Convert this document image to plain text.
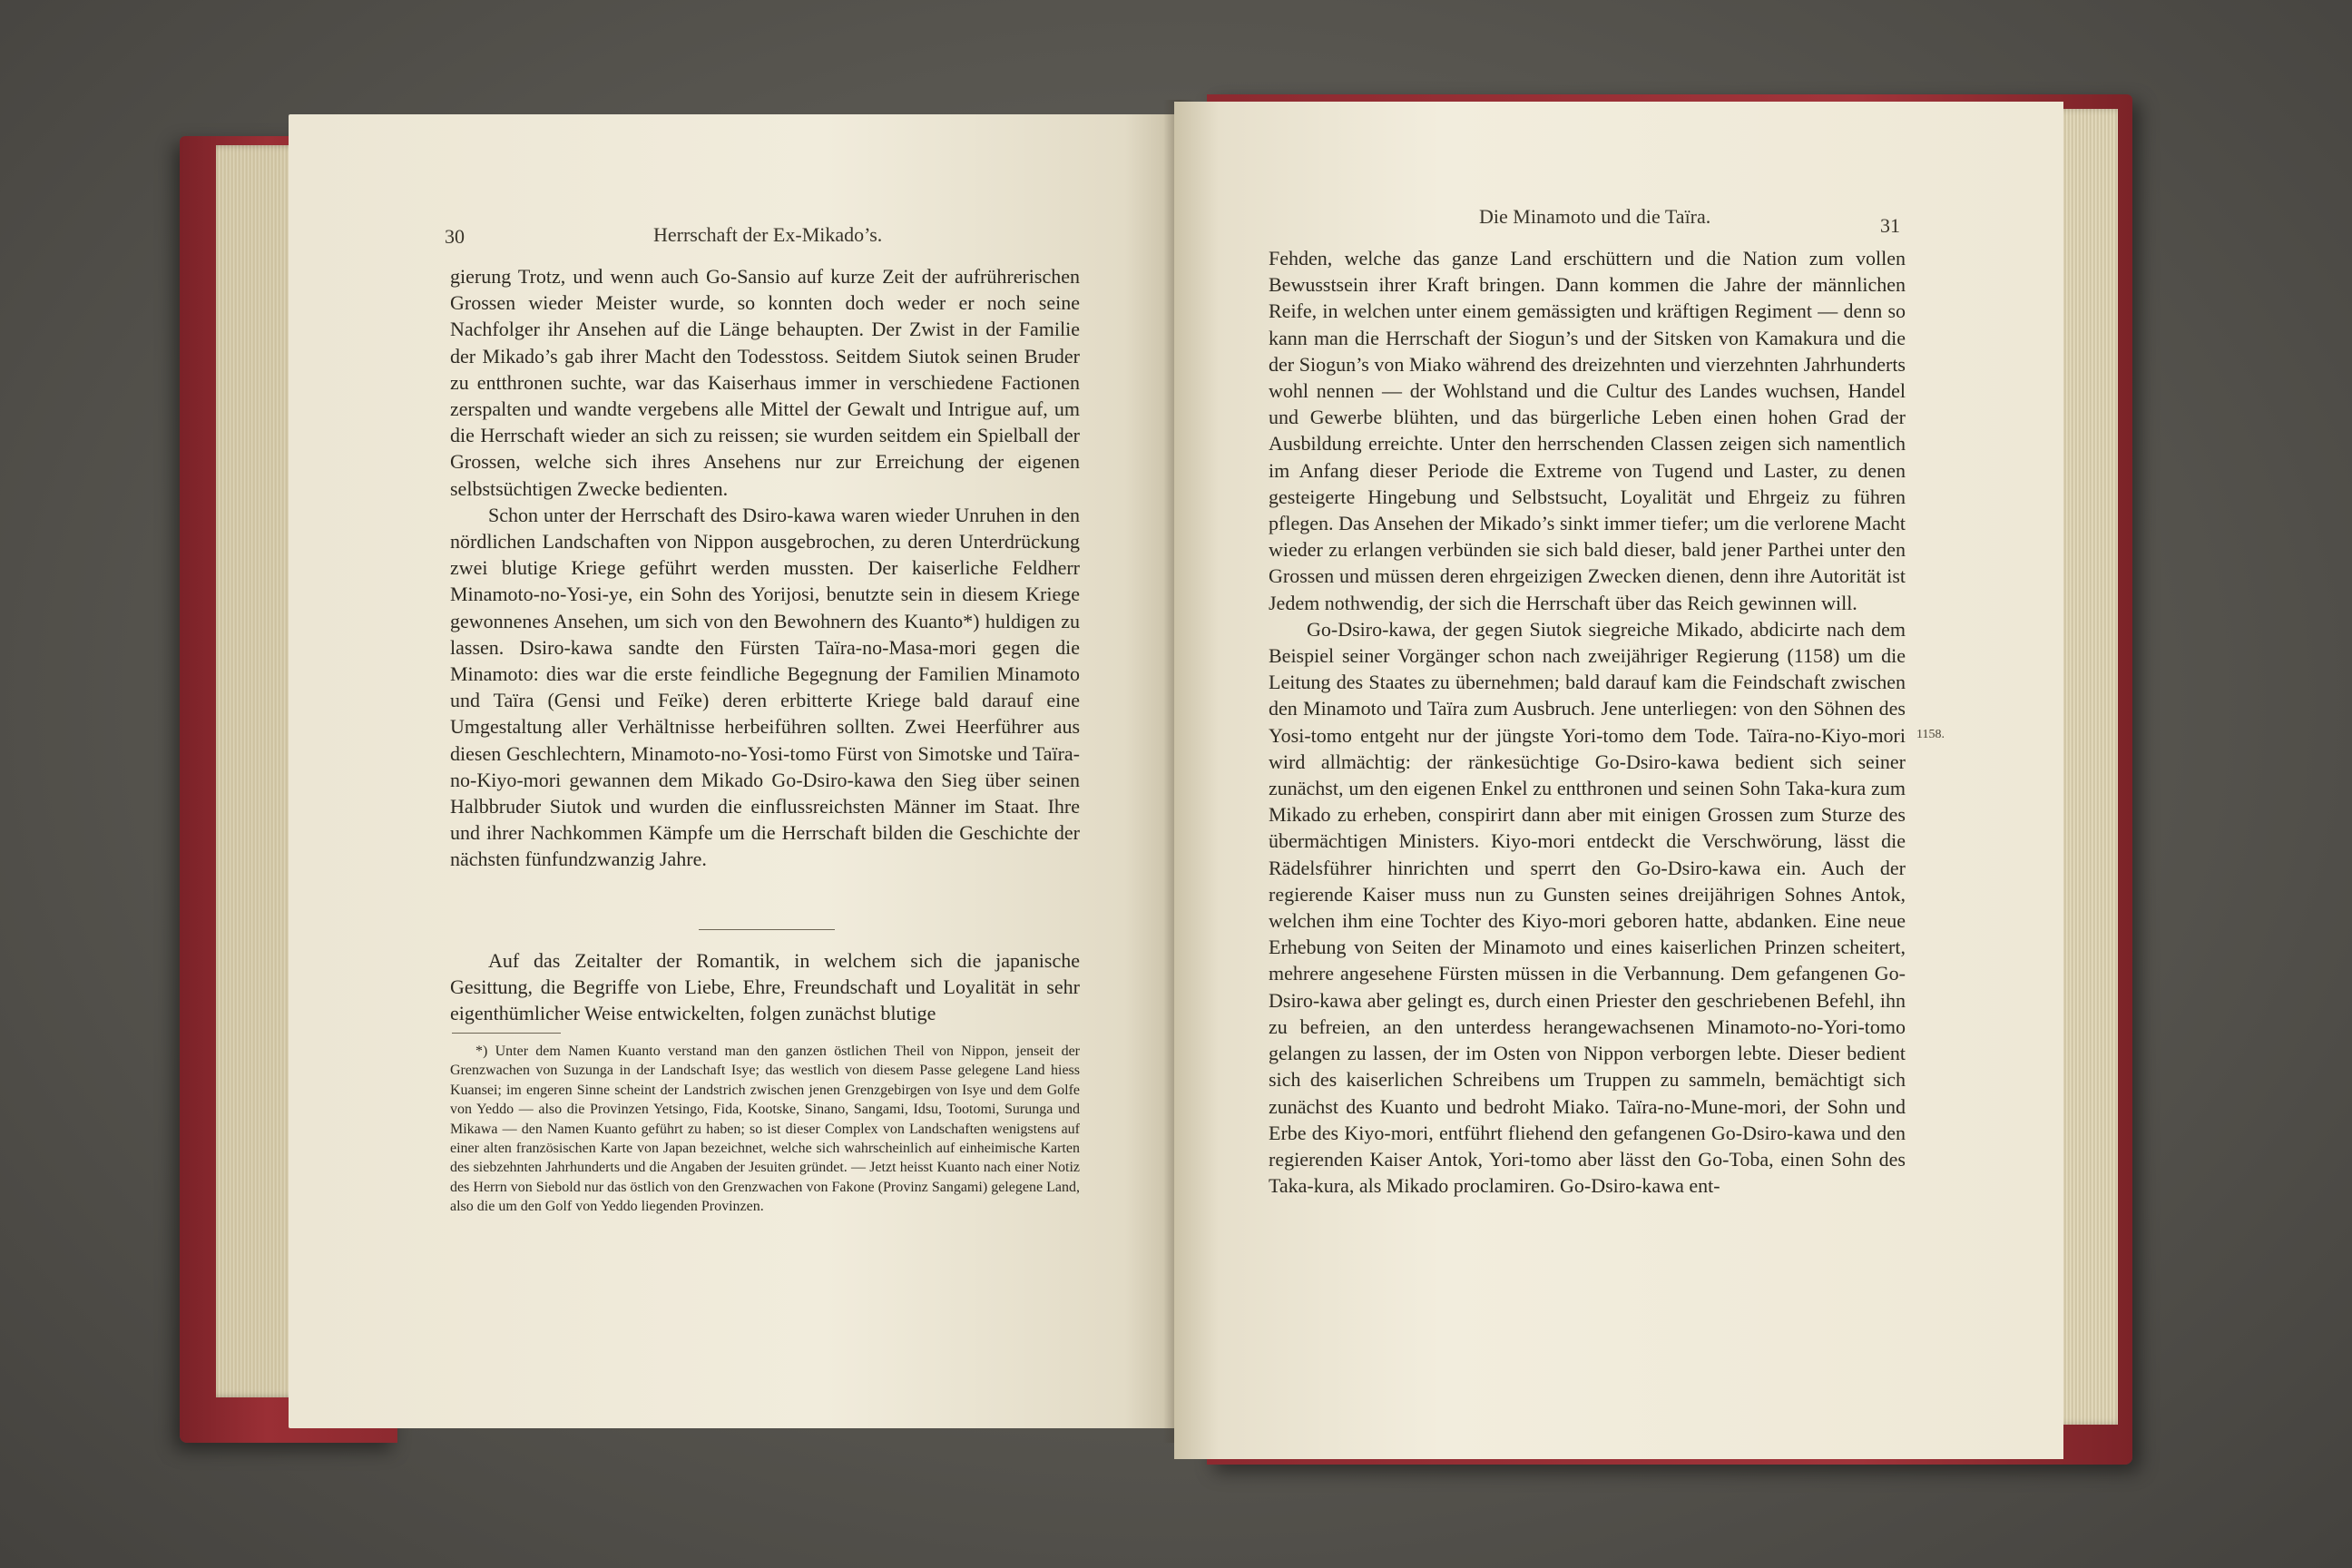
30	Herrschaft der Ex-Mikado’s.

gierung Trotz, und wenn auch Go-Sansio auf kurze Zeit der aufrührerischen Grossen wieder Meister wurde, so konnten doch weder er noch seine Nachfolger ihr Ansehen auf die Länge behaupten. Der Zwist in der Familie der Mikado’s gab ihrer Macht den Todesstoss. Seitdem Siutok seinen Bruder zu entthronen suchte, war das Kaiserhaus immer in verschiedene Factionen zerspalten und wandte vergebens alle Mittel der Gewalt und Intrigue auf, um die Herrschaft wieder an sich zu reissen; sie wurden seitdem ein Spielball der Grossen, welche sich ihres Ansehens nur zur Erreichung der eigenen selbstsüchtigen Zwecke bedienten.

Schon unter der Herrschaft des Dsiro-kawa waren wieder Unruhen in den nördlichen Landschaften von Nippon ausgebrochen, zu deren Unterdrückung zwei blutige Kriege geführt werden mussten. Der kaiserliche Feldherr Minamoto-no-Yosi-ye, ein Sohn des Yorijosi, benutzte sein in diesem Kriege gewonnenes Ansehen, um sich von den Bewohnern des Kuanto*) huldigen zu lassen. Dsiro-kawa sandte den Fürsten Taïra-no-Masa-mori gegen die Minamoto: dies war die erste feindliche Begegnung der Familien Minamoto und Taïra (Gensi und Feïke) deren erbitterte Kriege bald darauf eine Umgestaltung aller Verhältnisse herbeiführen sollten. Zwei Heerführer aus diesen Geschlechtern, Minamoto-no-Yosi-tomo Fürst von Simotske und Taïra-no-Kiyo-mori gewannen dem Mikado Go-Dsiro-kawa den Sieg über seinen Halbbruder Siutok und wurden die einflussreichsten Männer im Staat. Ihre und ihrer Nachkommen Kämpfe um die Herrschaft bilden die Geschichte der nächsten fünfundzwanzig Jahre.

Auf das Zeitalter der Romantik, in welchem sich die japanische Gesittung, die Begriffe von Liebe, Ehre, Freundschaft und Loyalität in sehr eigenthümlicher Weise entwickelten, folgen zunächst blutige

*) Unter dem Namen Kuanto verstand man den ganzen östlichen Theil von Nippon, jenseit der Grenzwachen von Suzunga in der Landschaft Isye; das westlich von diesem Passe gelegene Land hiess Kuansei; im engeren Sinne scheint der Landstrich zwischen jenen Grenzgebirgen von Isye und dem Golfe von Yeddo — also die Provinzen Yetsingo, Fida, Kootske, Sinano, Sangami, Idsu, Tootomi, Surunga und Mikawa — den Namen Kuanto geführt zu haben; so ist dieser Complex von Landschaften wenigstens auf einer alten französischen Karte von Japan bezeichnet, welche sich wahrscheinlich auf einheimische Karten des siebzehnten Jahrhunderts und die Angaben der Jesuiten gründet. — Jetzt heisst Kuanto nach einer Notiz des Herrn von Siebold nur das östlich von den Grenzwachen von Fakone (Provinz Sangami) gelegene Land, also die um den Golf von Yeddo liegenden Provinzen.

Die Minamoto und die Taïra.	31
1158.

Fehden, welche das ganze Land erschüttern und die Nation zum vollen Bewusstsein ihrer Kraft bringen. Dann kommen die Jahre der männlichen Reife, in welchen unter einem gemässigten und kräftigen Regiment — denn so kann man die Herrschaft der Siogun’s und der Sitsken von Kamakura und die der Siogun’s von Miako während des dreizehnten und vierzehnten Jahrhunderts wohl nennen — der Wohlstand und die Cultur des Landes wuchsen, Handel und Gewerbe blühten, und das bürgerliche Leben einen hohen Grad der Ausbildung erreichte. Unter den herrschenden Classen zeigen sich namentlich im Anfang dieser Periode die Extreme von Tugend und Laster, zu denen gesteigerte Hingebung und Selbstsucht, Loyalität und Ehrgeiz zu führen pflegen. Das Ansehen der Mikado’s sinkt immer tiefer; um die verlorene Macht wieder zu erlangen verbünden sie sich bald dieser, bald jener Parthei unter den Grossen und müssen deren ehrgeizigen Zwecken dienen, denn ihre Autorität ist Jedem nothwendig, der sich die Herrschaft über das Reich gewinnen will.

Go-Dsiro-kawa, der gegen Siutok siegreiche Mikado, abdicirte nach dem Beispiel seiner Vorgänger schon nach zweijähriger Regierung (1158) um die Leitung des Staates zu übernehmen; bald darauf kam die Feindschaft zwischen den Minamoto und Taïra zum Ausbruch. Jene unterliegen: von den Söhnen des Yosi-tomo entgeht nur der jüngste Yori-tomo dem Tode. Taïra-no-Kiyo-mori wird allmächtig: der ränkesüchtige Go-Dsiro-kawa bedient sich seiner zunächst, um den eigenen Enkel zu entthronen und seinen Sohn Taka-kura zum Mikado zu erheben, conspirirt dann aber mit einigen Grossen zum Sturze des übermächtigen Ministers. Kiyo-mori entdeckt die Verschwörung, lässt die Rädelsführer hinrichten und sperrt den Go-Dsiro-kawa ein. Auch der regierende Kaiser muss nun zu Gunsten seines dreijährigen Sohnes Antok, welchen ihm eine Tochter des Kiyo-mori geboren hatte, abdanken. Eine neue Erhebung von Seiten der Minamoto und eines kaiserlichen Prinzen scheitert, mehrere angesehene Fürsten müssen in die Verbannung. Dem gefangenen Go-Dsiro-kawa aber gelingt es, durch einen Priester den geschriebenen Befehl, ihn zu befreien, an den unterdess herangewachsenen Minamoto-no-Yori-tomo gelangen zu lassen, der im Osten von Nippon verborgen lebte. Dieser bedient sich des kaiserlichen Schreibens um Truppen zu sammeln, bemächtigt sich zunächst des Kuanto und bedroht Miako. Taïra-no-Mune-mori, der Sohn und Erbe des Kiyo-mori, entführt fliehend den gefangenen Go-Dsiro-kawa und den regierenden Kaiser Antok, Yori-tomo aber lässt den Go-Toba, einen Sohn des Taka-kura, als Mikado proclamiren. Go-Dsiro-kawa ent-
